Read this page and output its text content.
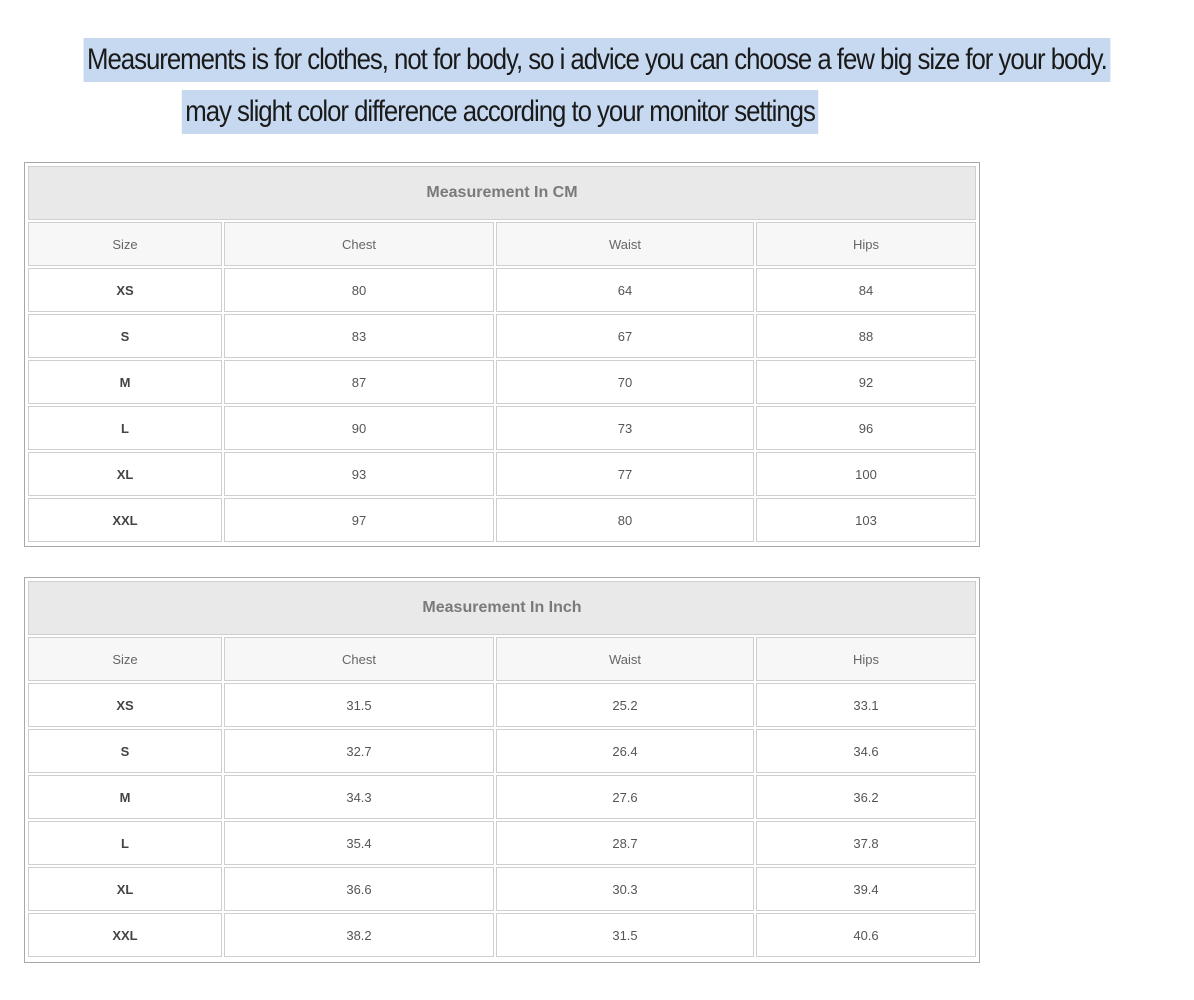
Measurements is for clothes, not for body, so i advice you can choose a few big size for your body.
may slight color difference according to your monitor settings
Measurement In CM			
Size	Chest	Waist	Hips
XS	80	64	84
S	83	67	88
M	87	70	92
L	90	73	96
XL	93	77	100
XXL	97	80	103
Measurement In Inch			
Size	Chest	Waist	Hips
XS	31.5	25.2	33.1
S	32.7	26.4	34.6
M	34.3	27.6	36.2
L	35.4	28.7	37.8
XL	36.6	30.3	39.4
XXL	38.2	31.5	40.6
